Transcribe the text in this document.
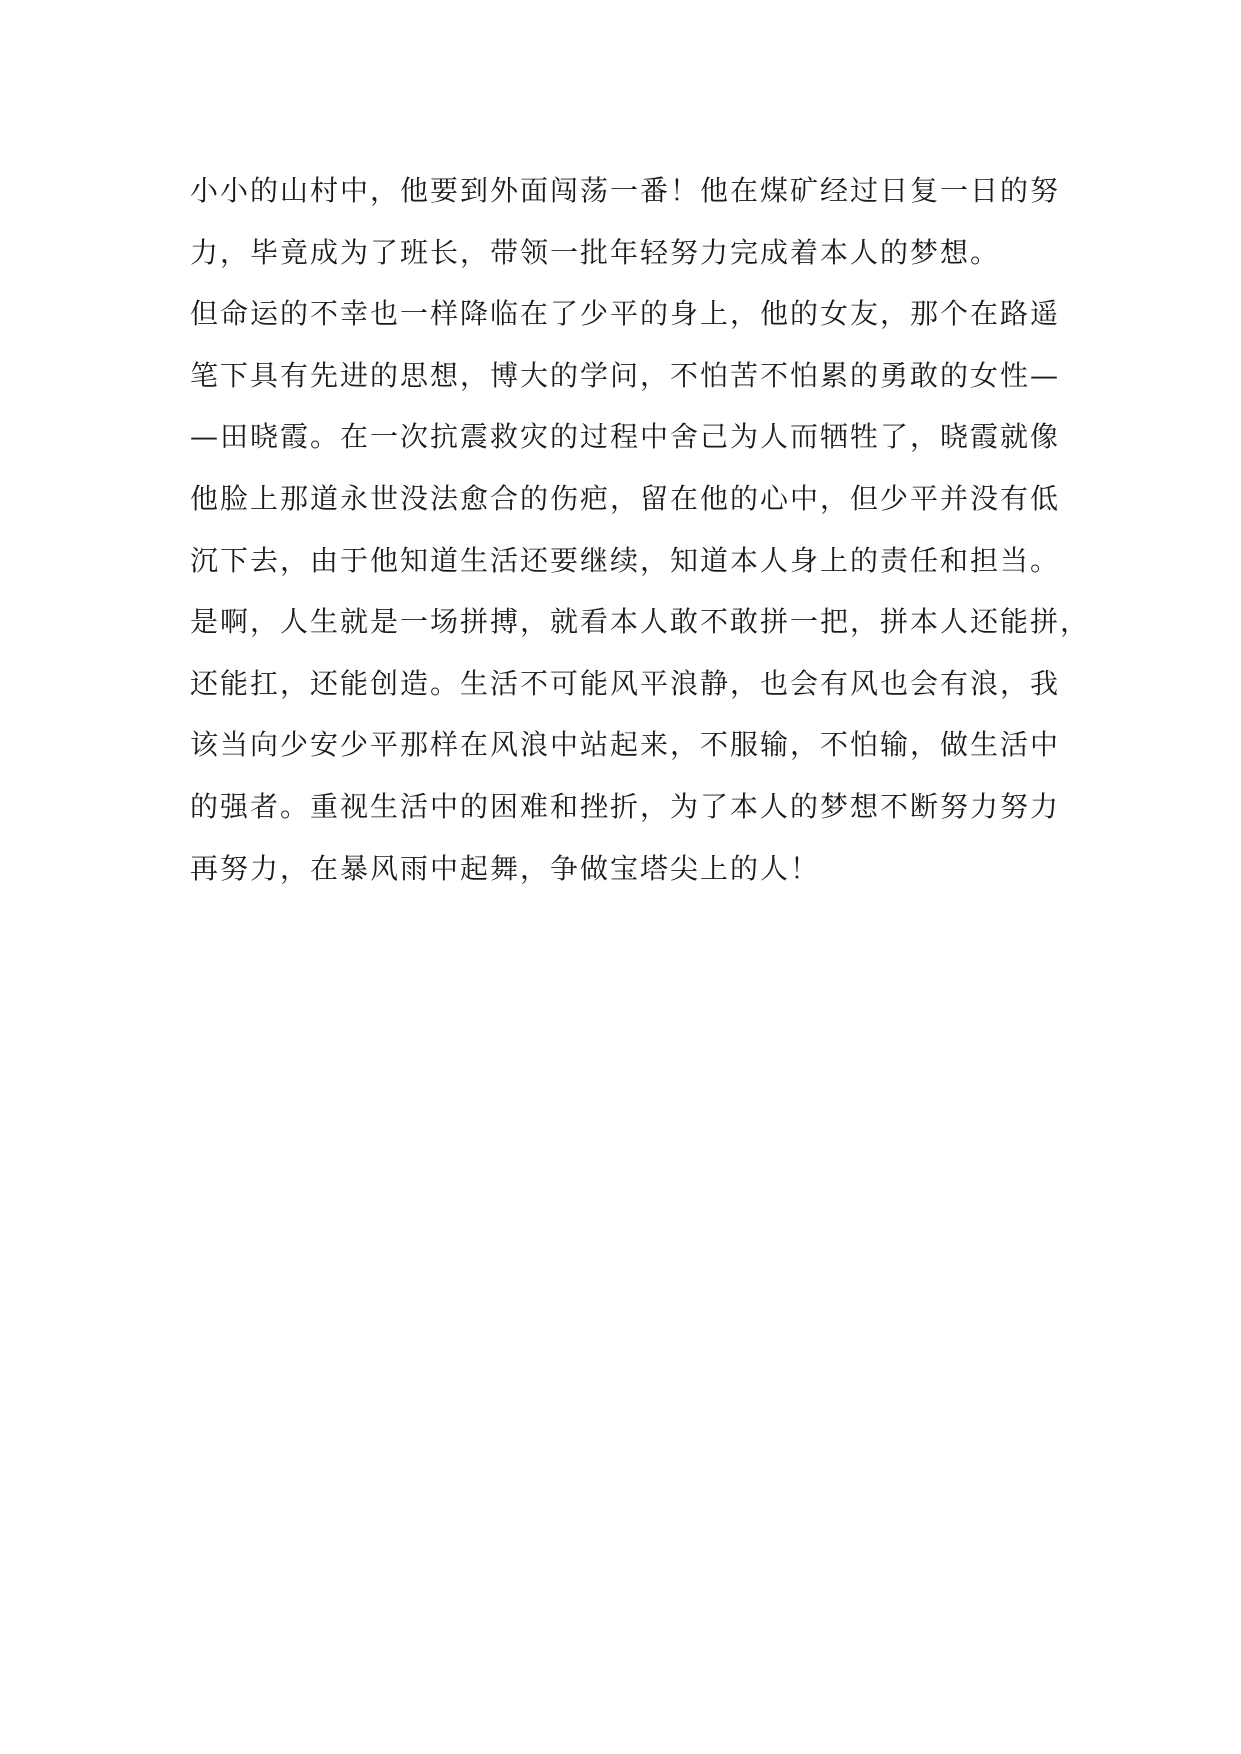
小小的山村中，他要到外面闯荡一番！他在煤矿经过日复一日的努
力，毕竟成为了班长，带领一批年轻努力完成着本人的梦想。
但命运的不幸也一样降临在了少平的身上，他的女友，那个在路遥
笔下具有先进的思想，博大的学问，不怕苦不怕累的勇敢的女性—
—田晓霞。在一次抗震救灾的过程中舍己为人而牺牲了，晓霞就像
他脸上那道永世没法愈合的伤疤，留在他的心中，但少平并没有低
沉下去，由于他知道生活还要继续，知道本人身上的责任和担当。
是啊，人生就是一场拼搏，就看本人敢不敢拼一把，拼本人还能拼，
还能扛，还能创造。生活不可能风平浪静，也会有风也会有浪，我
该当向少安少平那样在风浪中站起来，不服输，不怕输，做生活中
的强者。重视生活中的困难和挫折，为了本人的梦想不断努力努力
再努力，在暴风雨中起舞，争做宝塔尖上的人！
